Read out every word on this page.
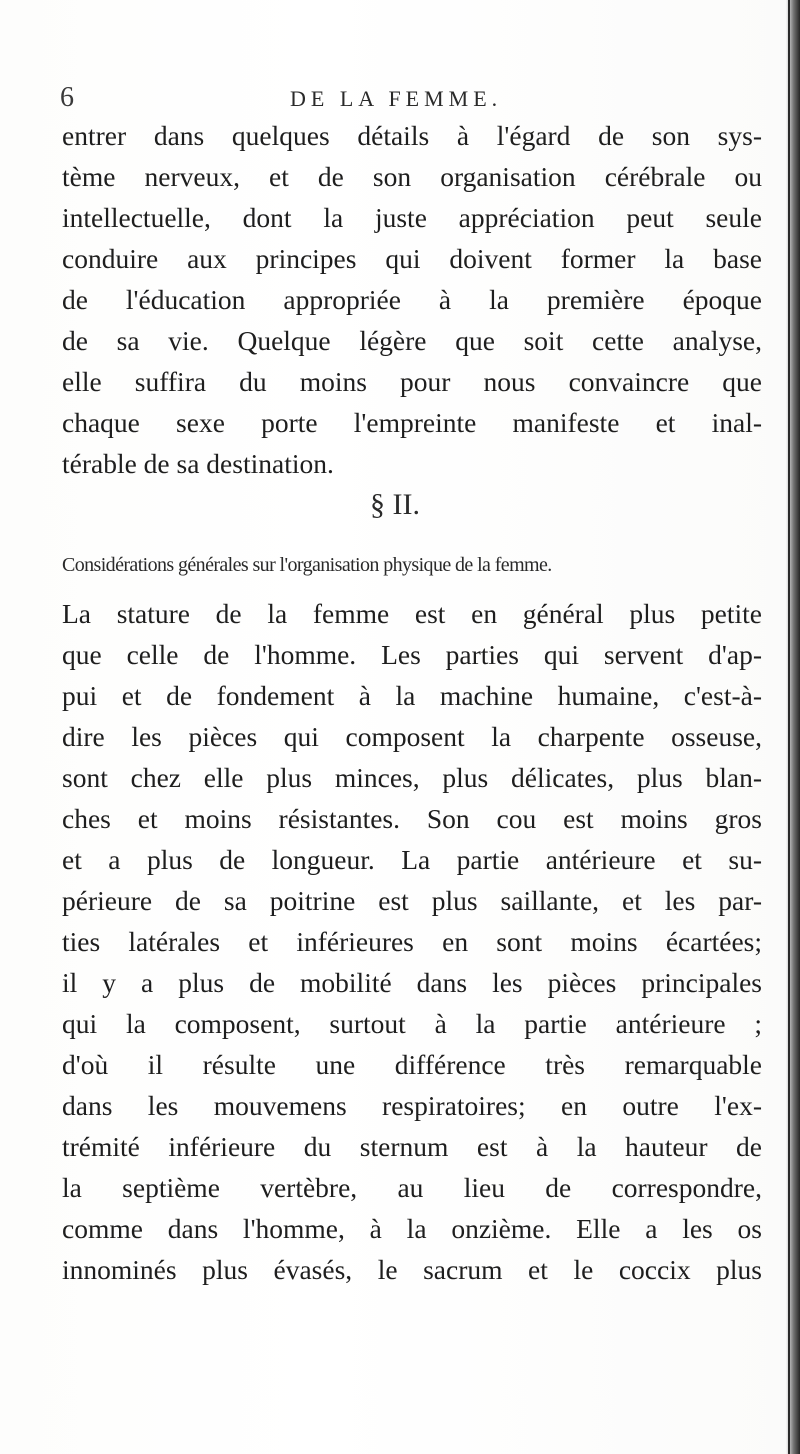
6	DE LA FEMME.
entrer dans quelques détails à l'égard de son sys-
tème nerveux, et de son organisation cérébrale ou
intellectuelle, dont la juste appréciation peut seule
conduire aux principes qui doivent former la base
de l'éducation appropriée à la première époque
de sa vie. Quelque légère que soit cette analyse,
elle suffira du moins pour nous convaincre que
chaque sexe porte l'empreinte manifeste et inal-
térable de sa destination.
§ II.
Considérations générales sur l'organisation physique de la femme.
La stature de la femme est en général plus petite
que celle de l'homme. Les parties qui servent d'ap-
pui et de fondement à la machine humaine, c'est-à-
dire les pièces qui composent la charpente osseuse,
sont chez elle plus minces, plus délicates, plus blan-
ches et moins résistantes. Son cou est moins gros
et a plus de longueur. La partie antérieure et su-
périeure de sa poitrine est plus saillante, et les par-
ties latérales et inférieures en sont moins écartées;
il y a plus de mobilité dans les pièces principales
qui la composent, surtout à la partie antérieure ;
d'où il résulte une différence très remarquable
dans les mouvemens respiratoires; en outre l'ex-
trémité inférieure du sternum est à la hauteur de
la septième vertèbre, au lieu de correspondre,
comme dans l'homme, à la onzième. Elle a les os
innominés plus évasés, le sacrum et le coccix plus
